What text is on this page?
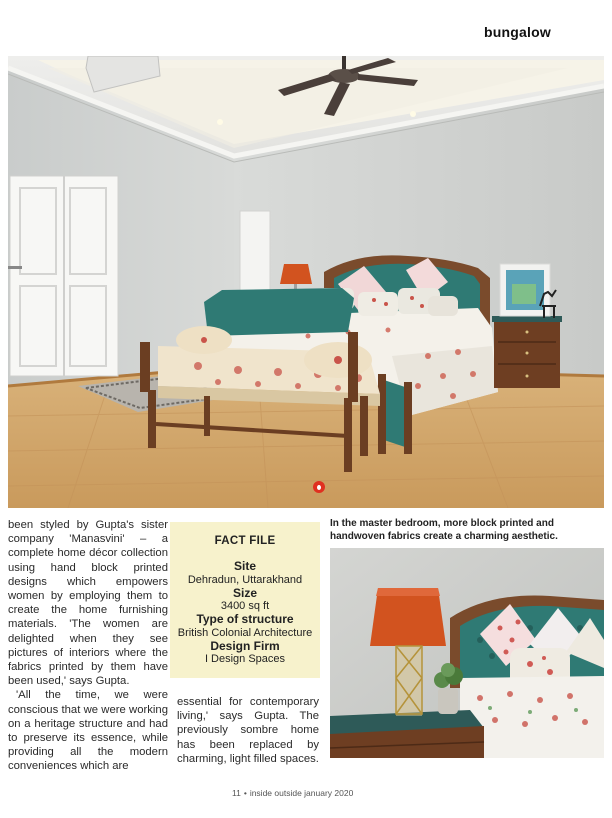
bungalow

been styled by Gupta's sister company 'Manasvini' – a complete home décor collection using hand block printed designs which empowers women by employing them to create the home furnishing materials. 'The women are delighted when they see pictures of interiors where the fabrics printed by them have been used,' says Gupta.

'All the time, we were conscious that we were working on a heritage structure and had to preserve its essence, while providing all the modern conveniences which are

FACT FILE
Site
Dehradun, Uttarakhand
Size
3400 sq ft
Type of structure
British Colonial Architecture
Design Firm
I Design Spaces

essential for contemporary living,' says Gupta. The previously sombre home has been replaced by charming, light filled spaces.

In the master bedroom, more block printed and handwoven fabrics create a charming aesthetic.
11 • inside outside january 2020
